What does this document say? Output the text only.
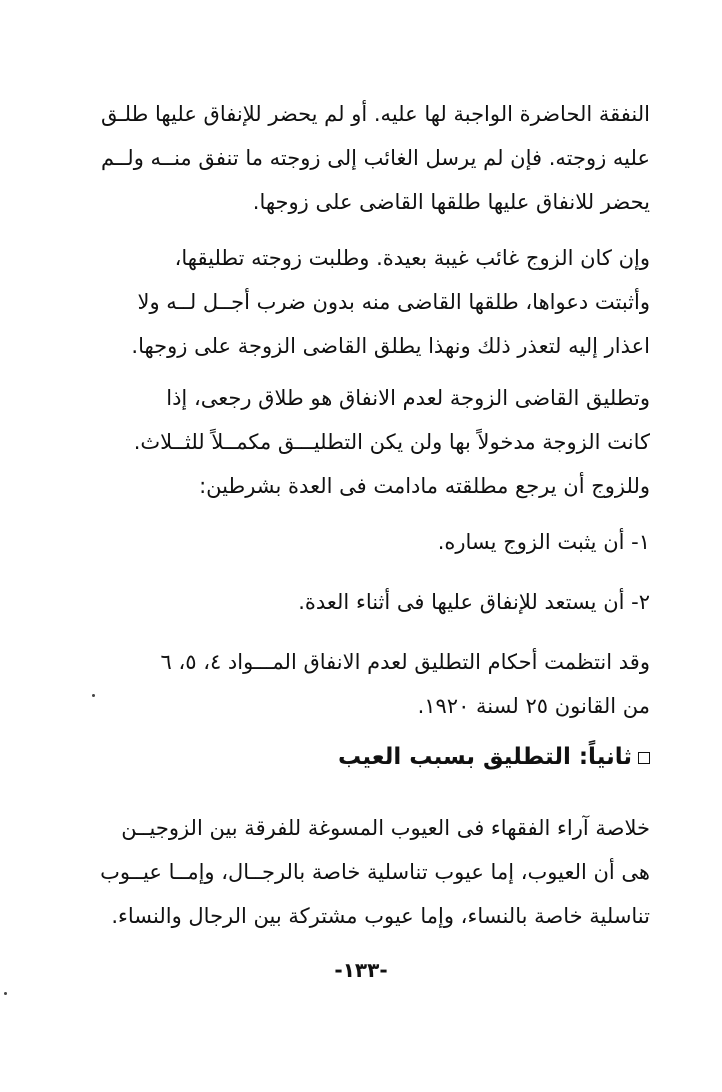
النفقة الحاضرة الواجبة لها عليه. أو لم يحضر للإنفاق عليها طلـق
عليه زوجته. فإن لم يرسل الغائب إلى زوجته ما تنفق منــه ولــم
يحضر للانفاق عليها طلقها القاضى على زوجها.

وإن كان الزوج غائب غيبة بعيدة. وطلبت زوجته تطليقها،
وأثبتت دعواها، طلقها القاضى منه بدون ضرب أجــل لــه ولا
اعذار إليه لتعذر ذلك ونهذا يطلق القاضى الزوجة على زوجها.

وتطليق القاضى الزوجة لعدم الانفاق هو طلاق رجعى، إذا
كانت الزوجة مدخولاً بها ولن يكن التطليـــق مكمــلاً للثــلاث.
وللزوج أن يرجع مطلقته مادامت فى العدة بشرطين:

١- أن يثبت الزوج يساره.

٢- أن يستعد للإنفاق عليها فى أثناء العدة.

وقد انتظمت أحكام التطليق لعدم الانفاق المـــواد ٤، ٥، ٦
من القانون ٢٥ لسنة ١٩٢٠.

ثانياً: التطليق بسبب العيب

خلاصة آراء الفقهاء فى العيوب المسوغة للفرقة بين الزوجيــن
هى أن العيوب، إما عيوب تناسلية خاصة بالرجــال، وإمــا عيــوب
تناسلية خاصة بالنساء، وإما عيوب مشتركة بين الرجال والنساء.

-١٣٣-
